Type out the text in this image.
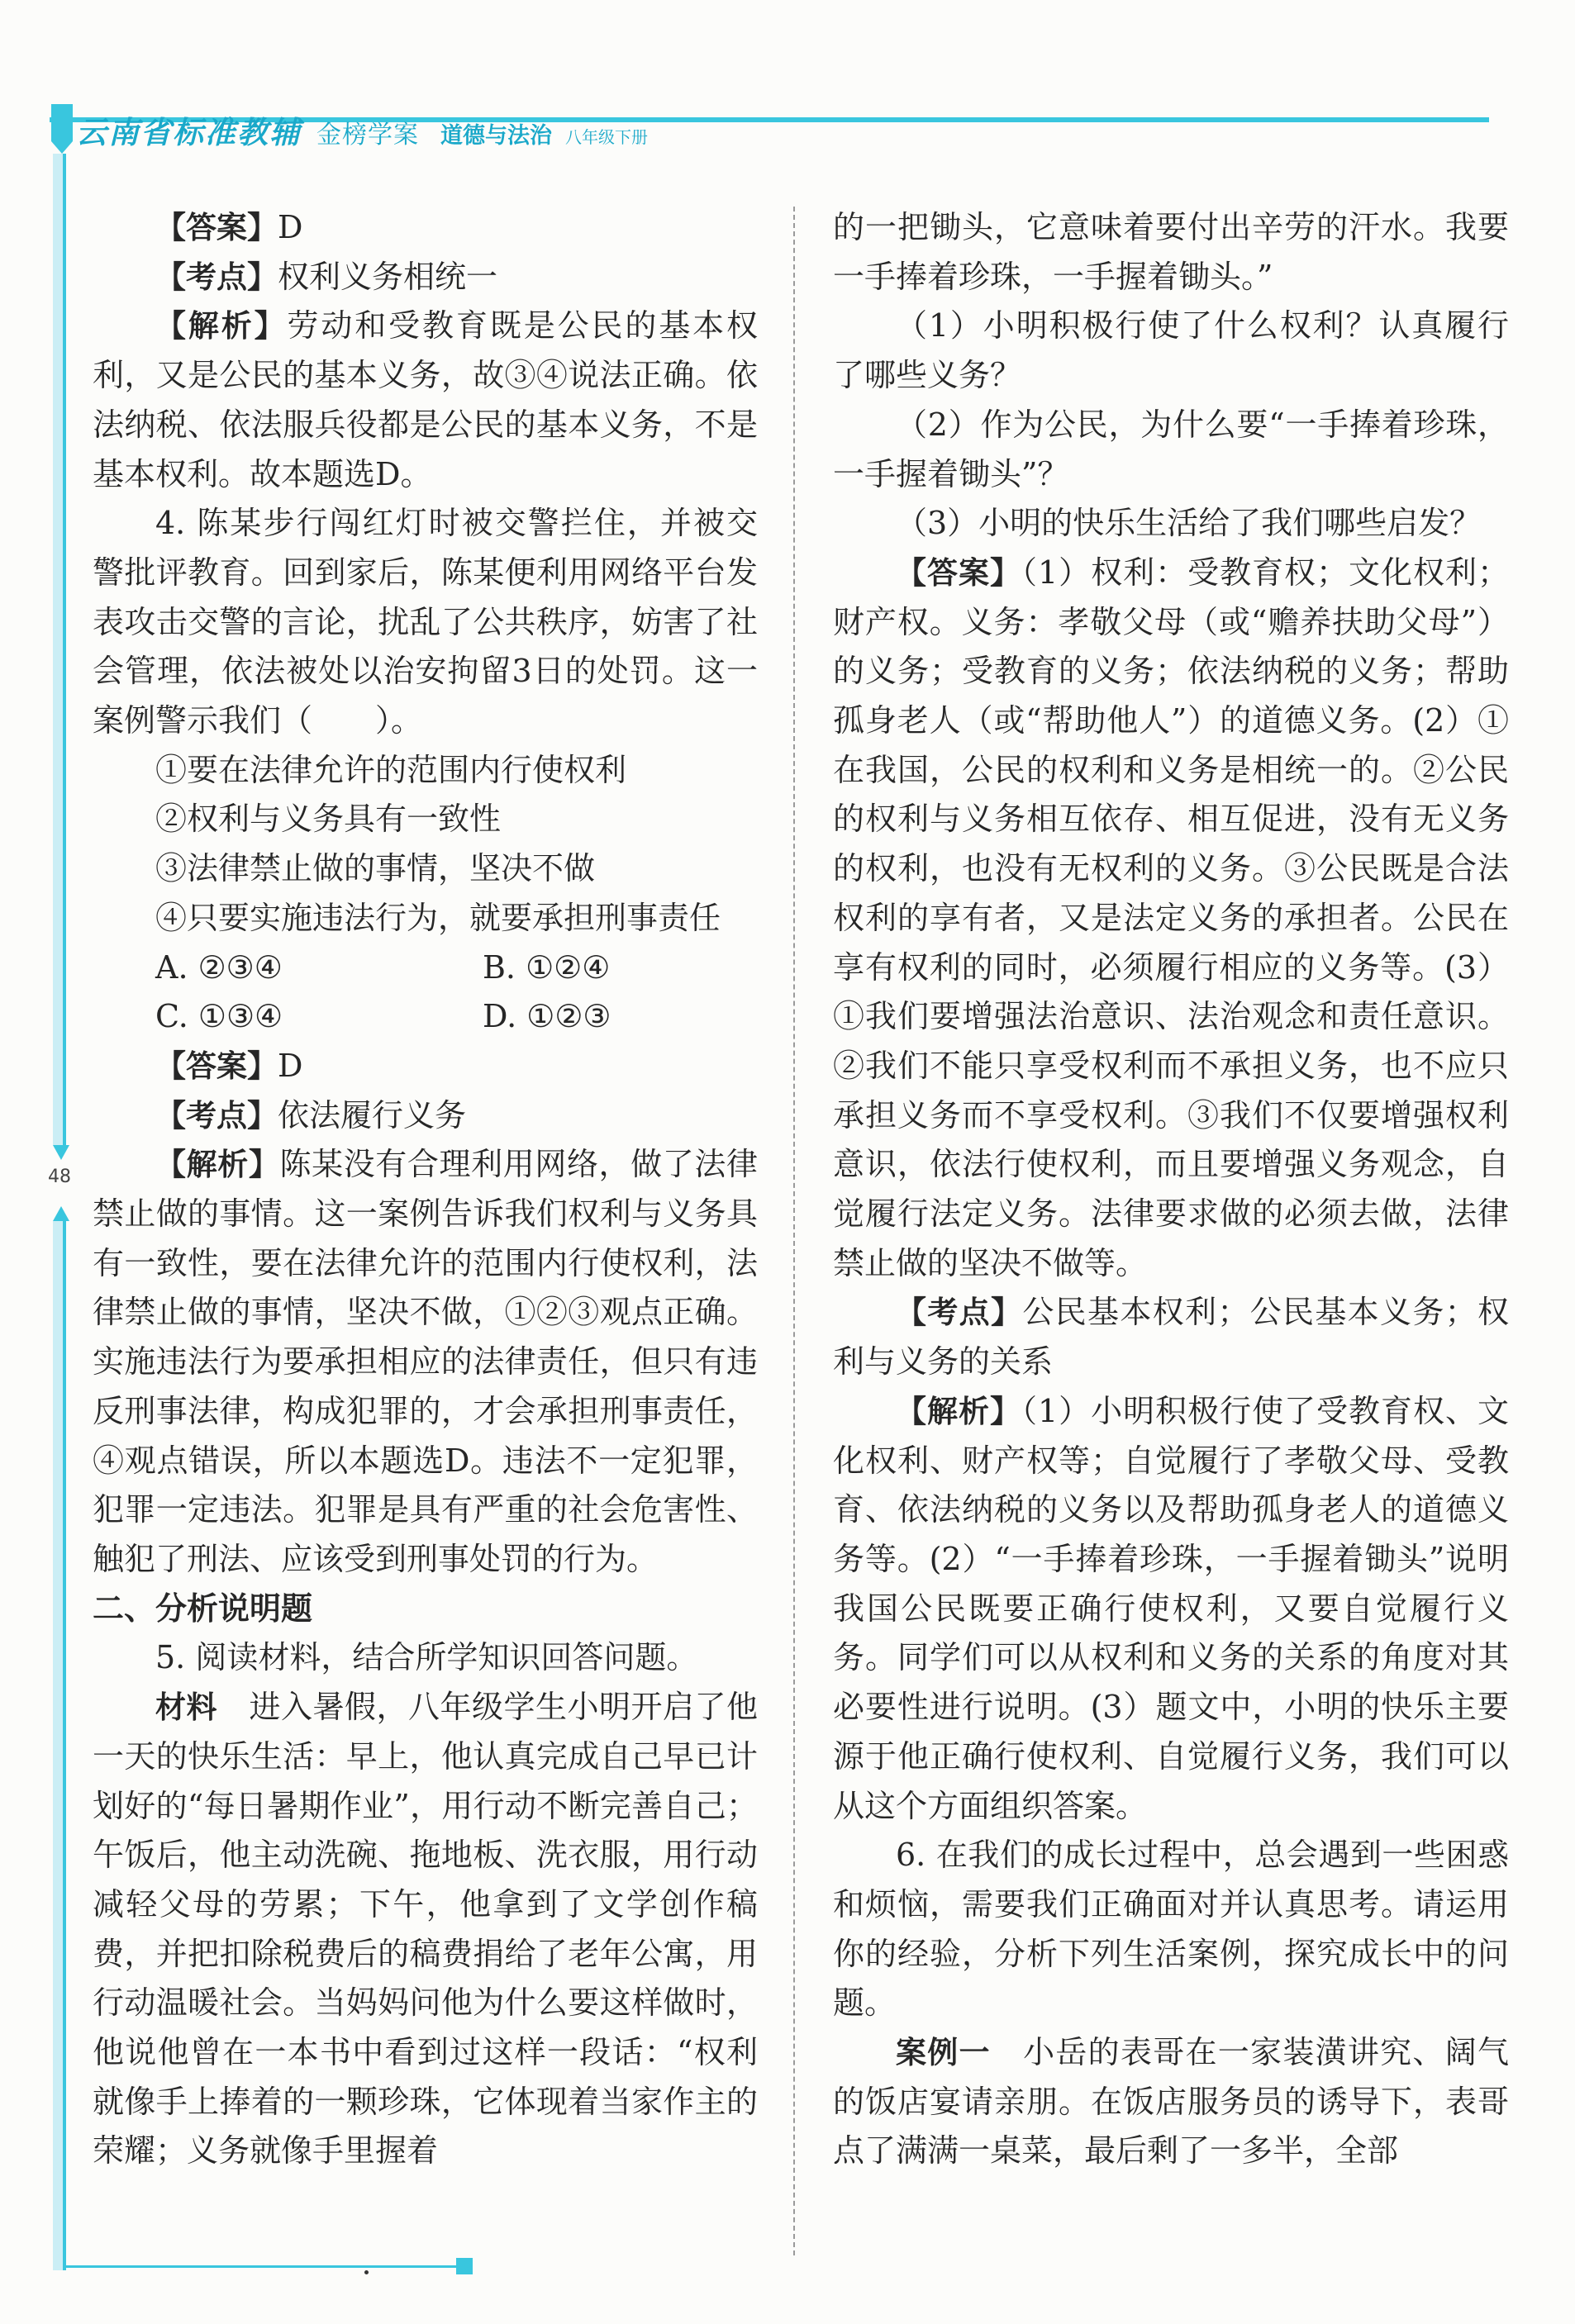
云南省标准教辅 金榜学案 道德与法治 八年级下册
48

【答案】D

【考点】权利义务相统一

【解析】劳动和受教育既是公民的基本权利，又是公民的基本义务，故③④说法正确。依法纳税、依法服兵役都是公民的基本义务，不是基本权利。故本题选D。

4. 陈某步行闯红灯时被交警拦住，并被交警批评教育。回到家后，陈某便利用网络平台发表攻击交警的言论，扰乱了公共秩序，妨害了社会管理，依法被处以治安拘留3日的处罚。这一案例警示我们（　　）。

①要在法律允许的范围内行使权利

②权利与义务具有一致性

③法律禁止做的事情，坚决不做

④只要实施违法行为，就要承担刑事责任

A. ②③④	B. ①②④
C. ①③④	D. ①②③

【答案】D

【考点】依法履行义务

【解析】陈某没有合理利用网络，做了法律禁止做的事情。这一案例告诉我们权利与义务具有一致性，要在法律允许的范围内行使权利，法律禁止做的事情，坚决不做，①②③观点正确。实施违法行为要承担相应的法律责任，但只有违反刑事法律，构成犯罪的，才会承担刑事责任，④观点错误，所以本题选D。违法不一定犯罪，犯罪一定违法。犯罪是具有严重的社会危害性、触犯了刑法、应该受到刑事处罚的行为。

二、分析说明题

5. 阅读材料，结合所学知识回答问题。

材料　 进入暑假，八年级学生小明开启了他一天的快乐生活：早上，他认真完成自己早已计划好的“每日暑期作业”，用行动不断完善自己；午饭后，他主动洗碗、拖地板、洗衣服，用行动减轻父母的劳累；下午，他拿到了文学创作稿费，并把扣除税费后的稿费捐给了老年公寓，用行动温暖社会。当妈妈问他为什么要这样做时，他说他曾在一本书中看到过这样一段话：“权利就像手上捧着的一颗珍珠，它体现着当家作主的荣耀；义务就像手里握着

的一把锄头，它意味着要付出辛劳的汗水。我要一手捧着珍珠，一手握着锄头。”

（1）小明积极行使了什么权利？认真履行了哪些义务？

（2）作为公民，为什么要“一手捧着珍珠，一手握着锄头”？

（3）小明的快乐生活给了我们哪些启发？

【答案】（1）权利：受教育权；文化权利；财产权。义务：孝敬父母（或“赡养扶助父母”）的义务；受教育的义务；依法纳税的义务；帮助孤身老人（或“帮助他人”）的道德义务。(2）①在我国，公民的权利和义务是相统一的。②公民的权利与义务相互依存、相互促进，没有无义务的权利，也没有无权利的义务。③公民既是合法权利的享有者，又是法定义务的承担者。公民在享有权利的同时，必须履行相应的义务等。(3）①我们要增强法治意识、法治观念和责任意识。②我们不能只享受权利而不承担义务，也不应只承担义务而不享受权利。③我们不仅要增强权利意识，依法行使权利，而且要增强义务观念，自觉履行法定义务。法律要求做的必须去做，法律禁止做的坚决不做等。

【考点】公民基本权利；公民基本义务；权利与义务的关系

【解析】（1）小明积极行使了受教育权、文化权利、财产权等；自觉履行了孝敬父母、受教育、依法纳税的义务以及帮助孤身老人的道德义务等。(2）“一手捧着珍珠，一手握着锄头”说明我国公民既要正确行使权利，又要自觉履行义务。同学们可以从权利和义务的关系的角度对其必要性进行说明。(3）题文中，小明的快乐主要源于他正确行使权利、自觉履行义务，我们可以从这个方面组织答案。

6. 在我们的成长过程中，总会遇到一些困惑和烦恼，需要我们正确面对并认真思考。请运用你的经验，分析下列生活案例，探究成长中的问题。

案例一　 小岳的表哥在一家装潢讲究、阔气的饭店宴请亲朋。在饭店服务员的诱导下，表哥点了满满一桌菜，最后剩了一多半，全部
